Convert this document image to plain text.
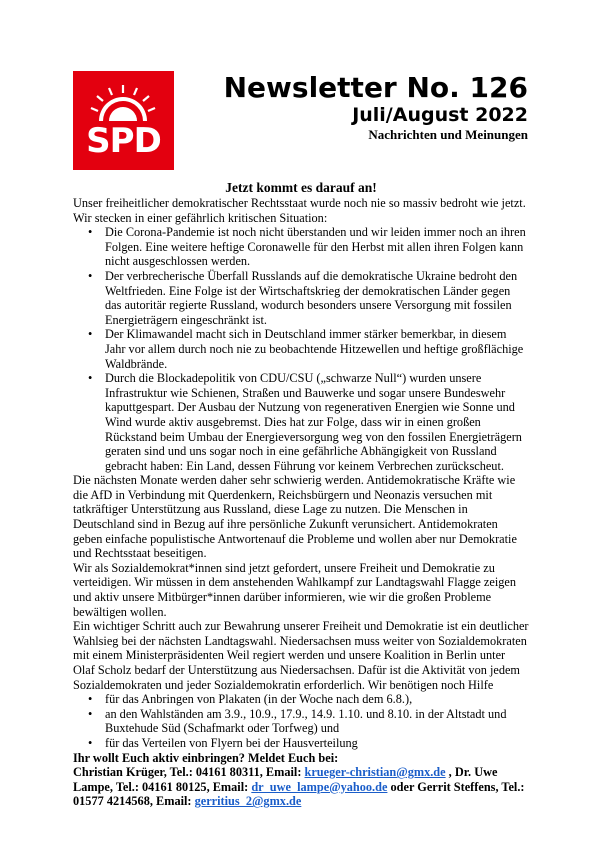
SPD
Newsletter No. 126
Juli/August 2022
Nachrichten und Meinungen
Jetzt kommt es darauf an!

Unser freiheitlicher demokratischer Rechtsstaat wurde noch nie so massiv bedroht wie jetzt. Wir stecken in einer gefährlich kritischen Situation:

• Die Corona-Pandemie ist noch nicht überstanden und wir leiden immer noch an ihren Folgen. Eine weitere heftige Coronawelle für den Herbst mit allen ihren Folgen kann nicht ausgeschlossen werden.
• Der verbrecherische Überfall Russlands auf die demokratische Ukraine bedroht den Weltfrieden. Eine Folge ist der Wirtschaftskrieg der demokratischen Länder gegen das autoritär regierte Russland, wodurch besonders unsere Versorgung mit fossilen Energieträgern eingeschränkt ist.
• Der Klimawandel macht sich in Deutschland immer stärker bemerkbar, in diesem Jahr vor allem durch noch nie zu beobachtende Hitzewellen und heftige großflächige Waldbrände.
• Durch die Blockadepolitik von CDU/CSU („schwarze Null“) wurden unsere Infrastruktur wie Schienen, Straßen und Bauwerke und sogar unsere Bundeswehr kaputtgespart. Der Ausbau der Nutzung von regenerativen Energien wie Sonne und Wind wurde aktiv ausgebremst. Dies hat zur Folge, dass wir in einen großen Rückstand beim Umbau der Energieversorgung weg von den fossilen Energieträgern geraten sind und uns sogar noch in eine gefährliche Abhängigkeit von Russland gebracht haben: Ein Land, dessen Führung vor keinem Verbrechen zurückscheut.

Die nächsten Monate werden daher sehr schwierig werden. Antidemokratische Kräfte wie die AfD in Verbindung mit Querdenkern, Reichsbürgern und Neonazis versuchen mit tatkräftiger Unterstützung aus Russland, diese Lage zu nutzen. Die Menschen in Deutschland sind in Bezug auf ihre persönliche Zukunft verunsichert. Antidemokraten geben einfache populistische Antwortenauf die Probleme und wollen aber nur Demokratie und Rechtsstaat beseitigen.

Wir als Sozialdemokrat*innen sind jetzt gefordert, unsere Freiheit und Demokratie zu verteidigen. Wir müssen in dem anstehenden Wahlkampf zur Landtagswahl Flagge zeigen und aktiv unsere Mitbürger*innen darüber informieren, wie wir die großen Probleme bewältigen wollen.

Ein wichtiger Schritt auch zur Bewahrung unserer Freiheit und Demokratie ist ein deutlicher Wahlsieg bei der nächsten Landtagswahl. Niedersachsen muss weiter von Sozialdemokraten mit einem Ministerpräsidenten Weil regiert werden und unsere Koalition in Berlin unter Olaf Scholz bedarf der Unterstützung aus Niedersachsen. Dafür ist die Aktivität von jedem Sozialdemokraten und jeder Sozialdemokratin erforderlich. Wir benötigen noch Hilfe

• für das Anbringen von Plakaten (in der Woche nach dem 6.8.),
• an den Wahlständen am 3.9., 10.9., 17.9., 14.9. 1.10. und 8.10. in der Altstadt und Buxtehude Süd (Schafmarkt oder Torfweg) und
• für das Verteilen von Flyern bei der Hausverteilung

Ihr wollt Euch aktiv einbringen? Meldet Euch bei:

Christian Krüger, Tel.: 04161 80311, Email: krueger-christian@gmx.de , Dr. Uwe Lampe, Tel.: 04161 80125, Email: dr_uwe_lampe@yahoo.de oder Gerrit Steffens, Tel.: 01577 4214568, Email: gerritius_2@gmx.de
